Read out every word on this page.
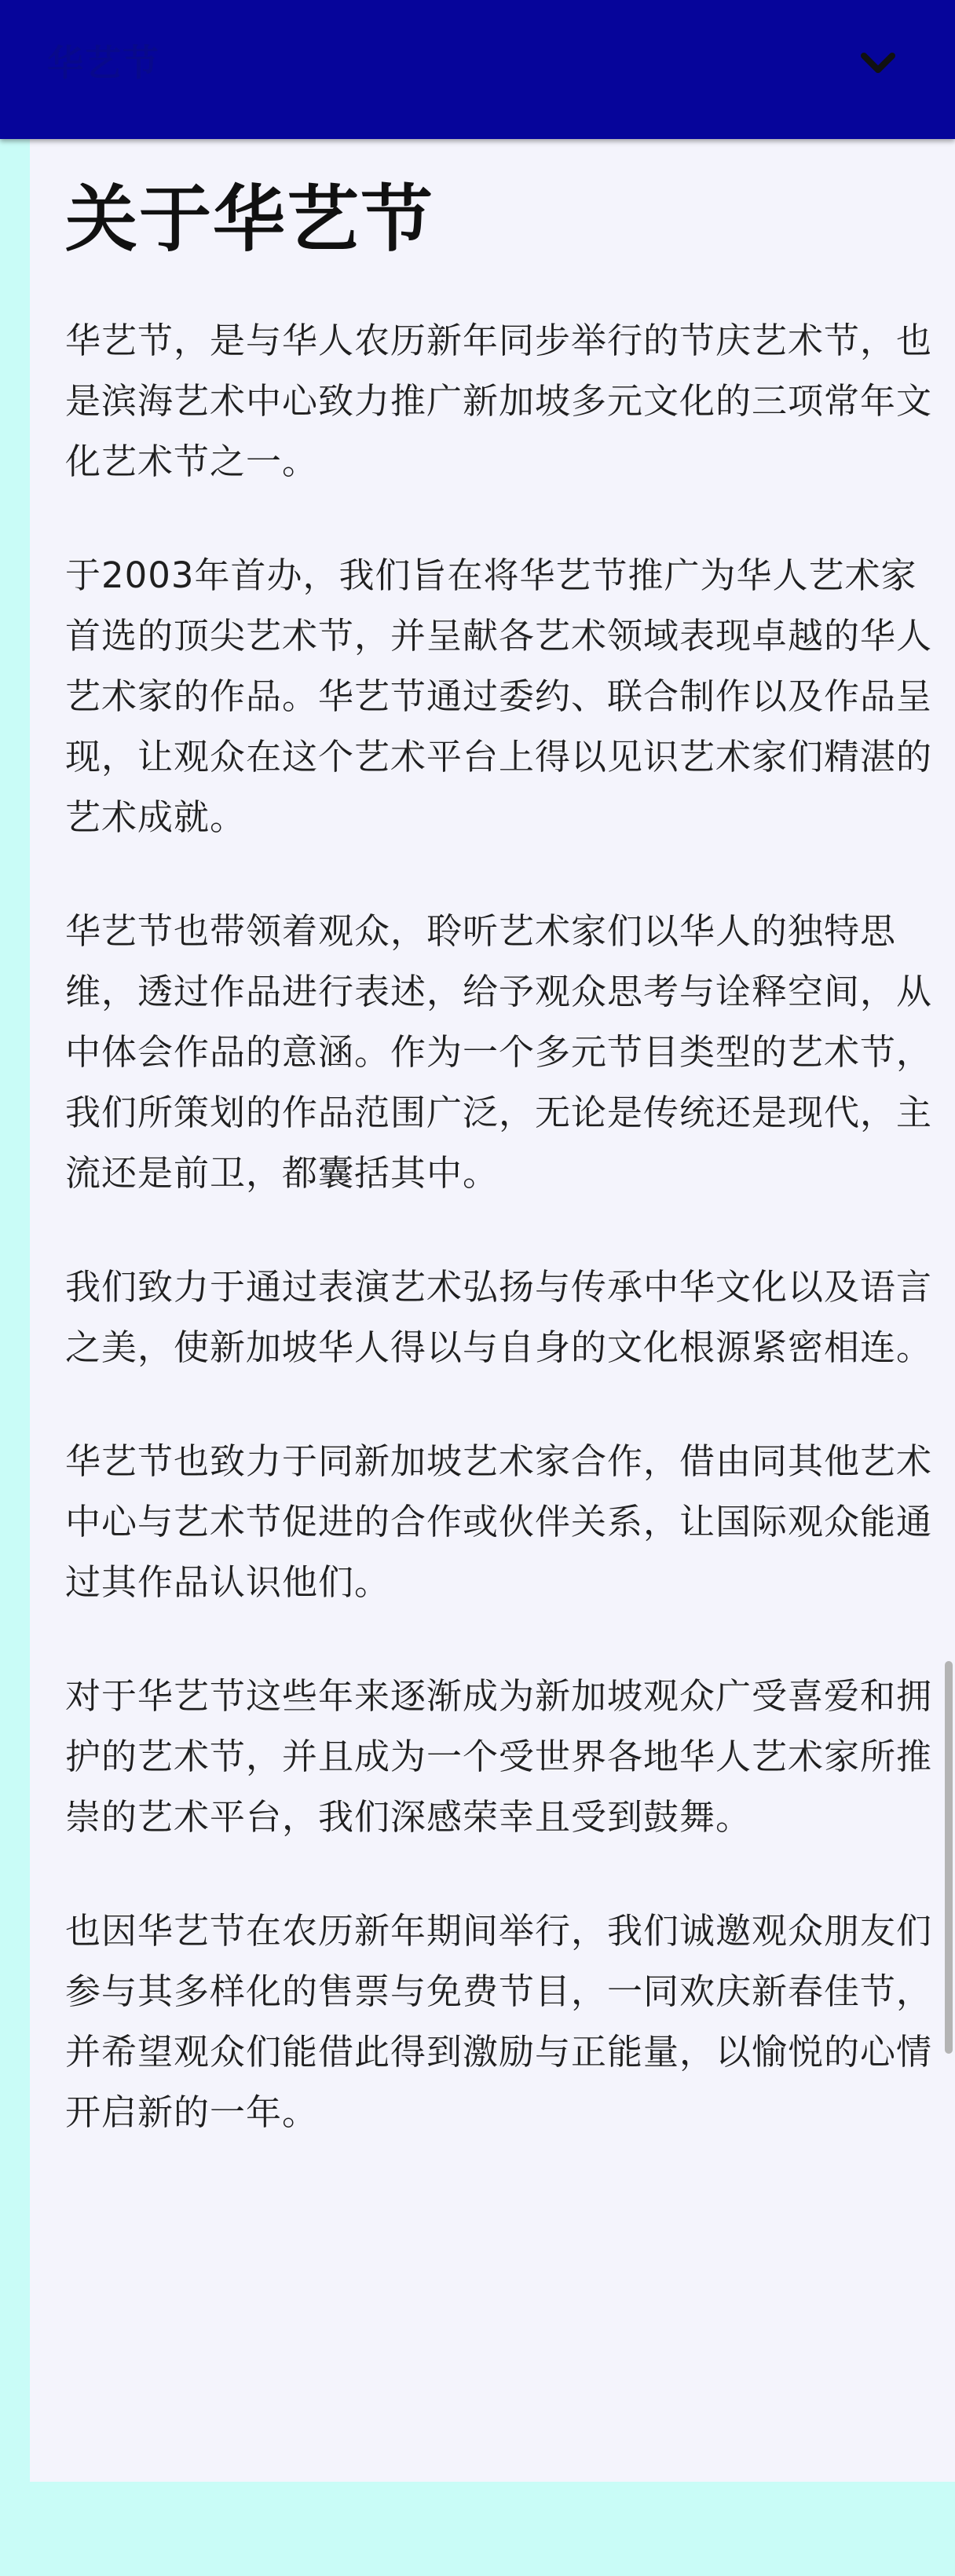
华艺节
关于华艺节

华艺节，是与华人农历新年同步举行的节庆艺术节，也是滨海艺术中心致力推广新加坡多元文化的三项常年文化艺术节之一。

于2003年首办，我们旨在将华艺节推广为华人艺术家首选的顶尖艺术节，并呈献各艺术领域表现卓越的华人艺术家的作品。华艺节通过委约、联合制作以及作品呈现，让观众在这个艺术平台上得以见识艺术家们精湛的艺术成就。

华艺节也带领着观众，聆听艺术家们以华人的独特思维，透过作品进行表述，给予观众思考与诠释空间，从中体会作品的意涵。作为一个多元节目类型的艺术节，我们所策划的作品范围广泛，无论是传统还是现代，主流还是前卫，都囊括其中。

我们致力于通过表演艺术弘扬与传承中华文化以及语言之美，使新加坡华人得以与自身的文化根源紧密相连。

华艺节也致力于同新加坡艺术家合作，借由同其他艺术中心与艺术节促进的合作或伙伴关系，让国际观众能通过其作品认识他们。

对于华艺节这些年来逐渐成为新加坡观众广受喜爱和拥护的艺术节，并且成为一个受世界各地华人艺术家所推崇的艺术平台，我们深感荣幸且受到鼓舞。

也因华艺节在农历新年期间举行，我们诚邀观众朋友们参与其多样化的售票与免费节目，一同欢庆新春佳节，并希望观众们能借此得到激励与正能量，以愉悦的心情开启新的一年。
